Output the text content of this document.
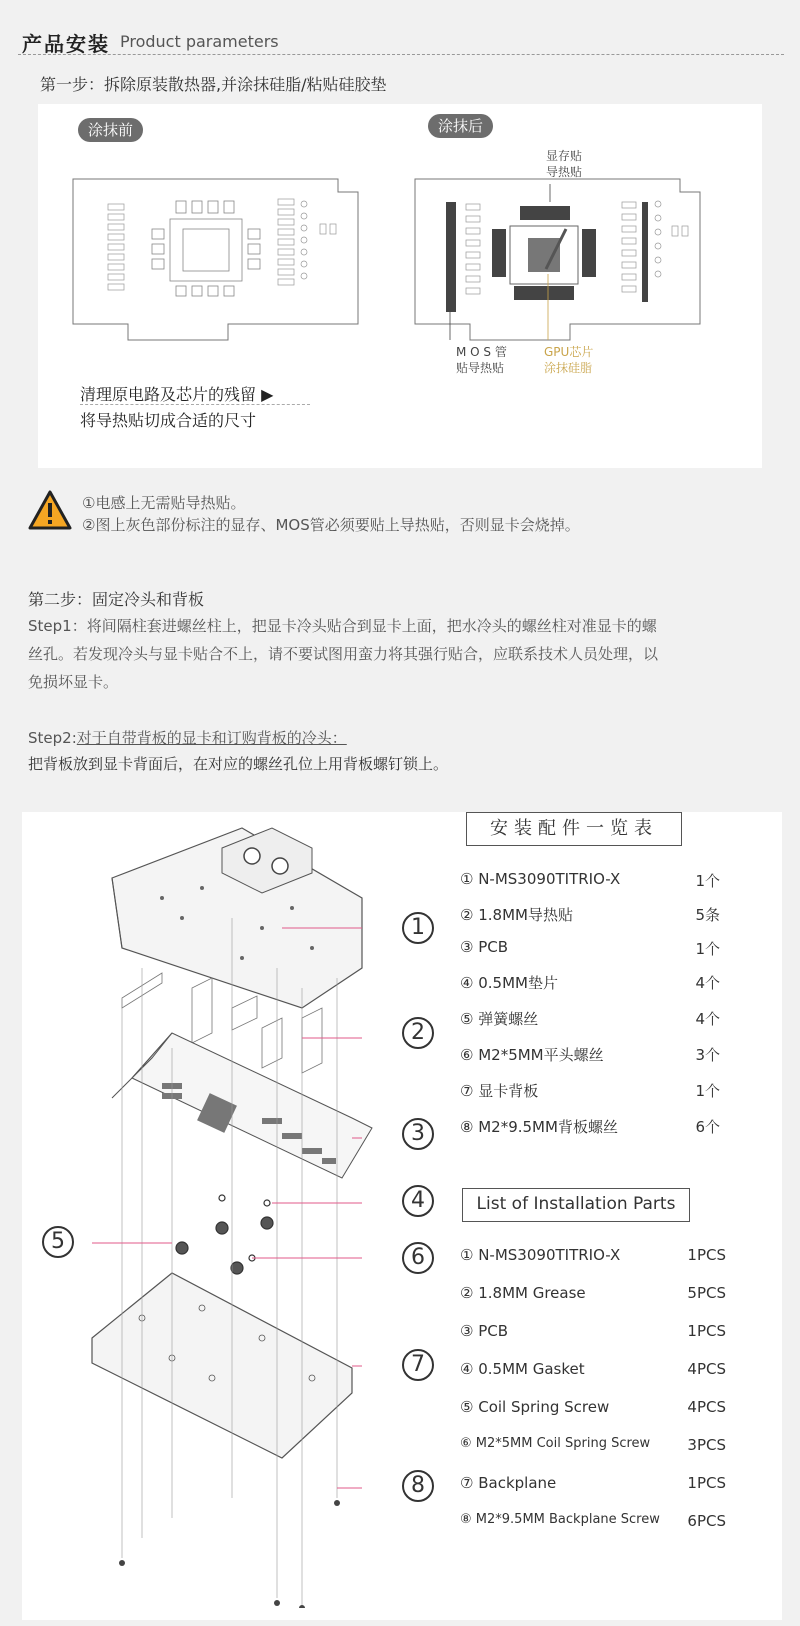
产品安装 Product parameters
第一步：拆除原装散热器,并涂抹硅脂/粘贴硅胶垫
涂抹前	涂抹后
显存贴
导热贴
M O S 管
贴导热贴
GPU芯片
涂抹硅脂
清理原电路及芯片的残留 ▶
将导热贴切成合适的尺寸
①电感上无需贴导热贴。
②图上灰色部份标注的显存、MOS管必须要贴上导热贴，否则显卡会烧掉。
第二步：固定冷头和背板
Step1：将间隔柱套进螺丝柱上，把显卡冷头贴合到显卡上面，把水冷头的螺丝柱对准显卡的螺
丝孔。若发现冷头与显卡贴合不上，请不要试图用蛮力将其强行贴合，应联系技术人员处理，以
免损坏显卡。
Step2:对于自带背板的显卡和订购背板的冷头：
把背板放到显卡背面后，在对应的螺丝孔位上用背板螺钉锁上。
1
2
3
4
5
6
7
8
安装配件一览表
① N-MS3090TITRIO-X	1个
② 1.8MM导热贴	5条
③ PCB	1个
④ 0.5MM垫片	4个
⑤ 弹簧螺丝	4个
⑥ M2*5MM平头螺丝	3个
⑦ 显卡背板	1个
⑧ M2*9.5MM背板螺丝	6个
List of Installation Parts
① N-MS3090TITRIO-X	1PCS
② 1.8MM Grease	5PCS
③ PCB	1PCS
④ 0.5MM Gasket	4PCS
⑤ Coil Spring Screw	4PCS
⑥ M2*5MM Coil Spring Screw 3PCS
⑦ Backplane	1PCS
⑧ M2*9.5MM Backplane Screw 6PCS
